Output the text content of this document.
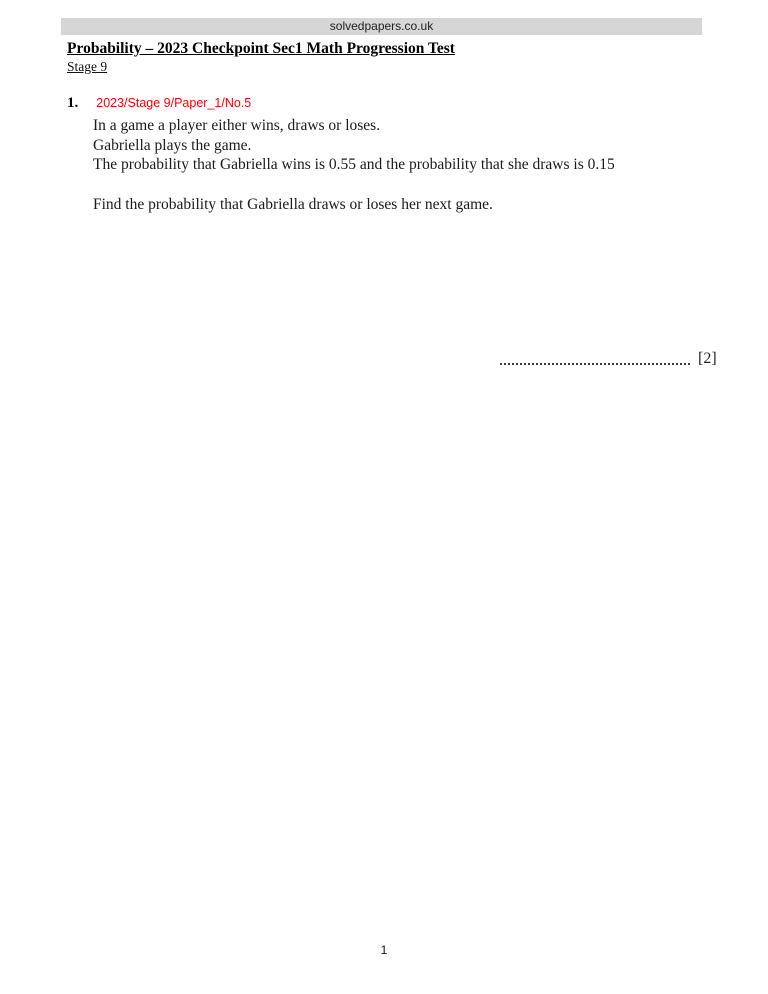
solvedpapers.co.uk
Probability – 2023 Checkpoint Sec1 Math Progression Test
Stage 9
1. 2023/Stage 9/Paper_1/No.5

In a game a player either wins, draws or loses.

Gabriella plays the game.

The probability that Gabriella wins is 0.55 and the probability that she draws is 0.15

Find the probability that Gabriella draws or loses her next game.
[2]
1
